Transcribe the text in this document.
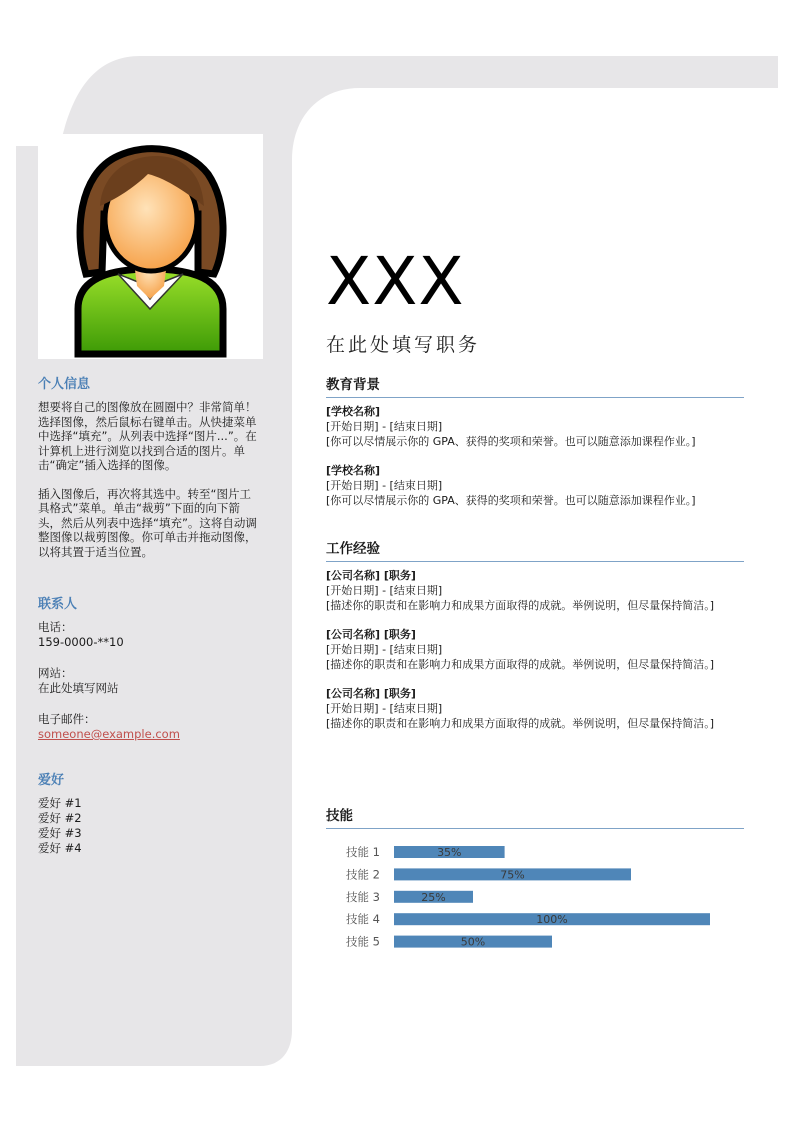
个人信息

想要将自己的图像放在圆圈中？非常简单！选择图像，然后鼠标右键单击。从快捷菜单中选择“填充”。从列表中选择“图片...”。在计算机上进行浏览以找到合适的图片。单击“确定”插入选择的图像。

插入图像后，再次将其选中。转至“图片工具格式”菜单。单击“裁剪”下面的向下箭头，然后从列表中选择“填充”。这将自动调整图像以裁剪图像。你可单击并拖动图像，以将其置于适当位置。

联系人
电话：
159-0000-**10
网站：
在此处填写网站
电子邮件：
someone@example.com
爱好
爱好 #1
爱好 #2
爱好 #3
爱好 #4
XXX
在此处填写职务
教育背景
[学校名称]
[开始日期] - [结束日期]
[你可以尽情展示你的 GPA、获得的奖项和荣誉。也可以随意添加课程作业。]
[学校名称]
[开始日期] - [结束日期]
[你可以尽情展示你的 GPA、获得的奖项和荣誉。也可以随意添加课程作业。]
工作经验
[公司名称] [职务]
[开始日期] - [结束日期]
[描述你的职责和在影响力和成果方面取得的成就。举例说明，但尽量保持简洁。]
[公司名称] [职务]
[开始日期] - [结束日期]
[描述你的职责和在影响力和成果方面取得的成就。举例说明，但尽量保持简洁。]
[公司名称] [职务]
[开始日期] - [结束日期]
[描述你的职责和在影响力和成果方面取得的成就。举例说明，但尽量保持简洁。]
技能
技能 1	35%
技能 2	75%
技能 3	25%
技能 4	100%
技能 5	50%
